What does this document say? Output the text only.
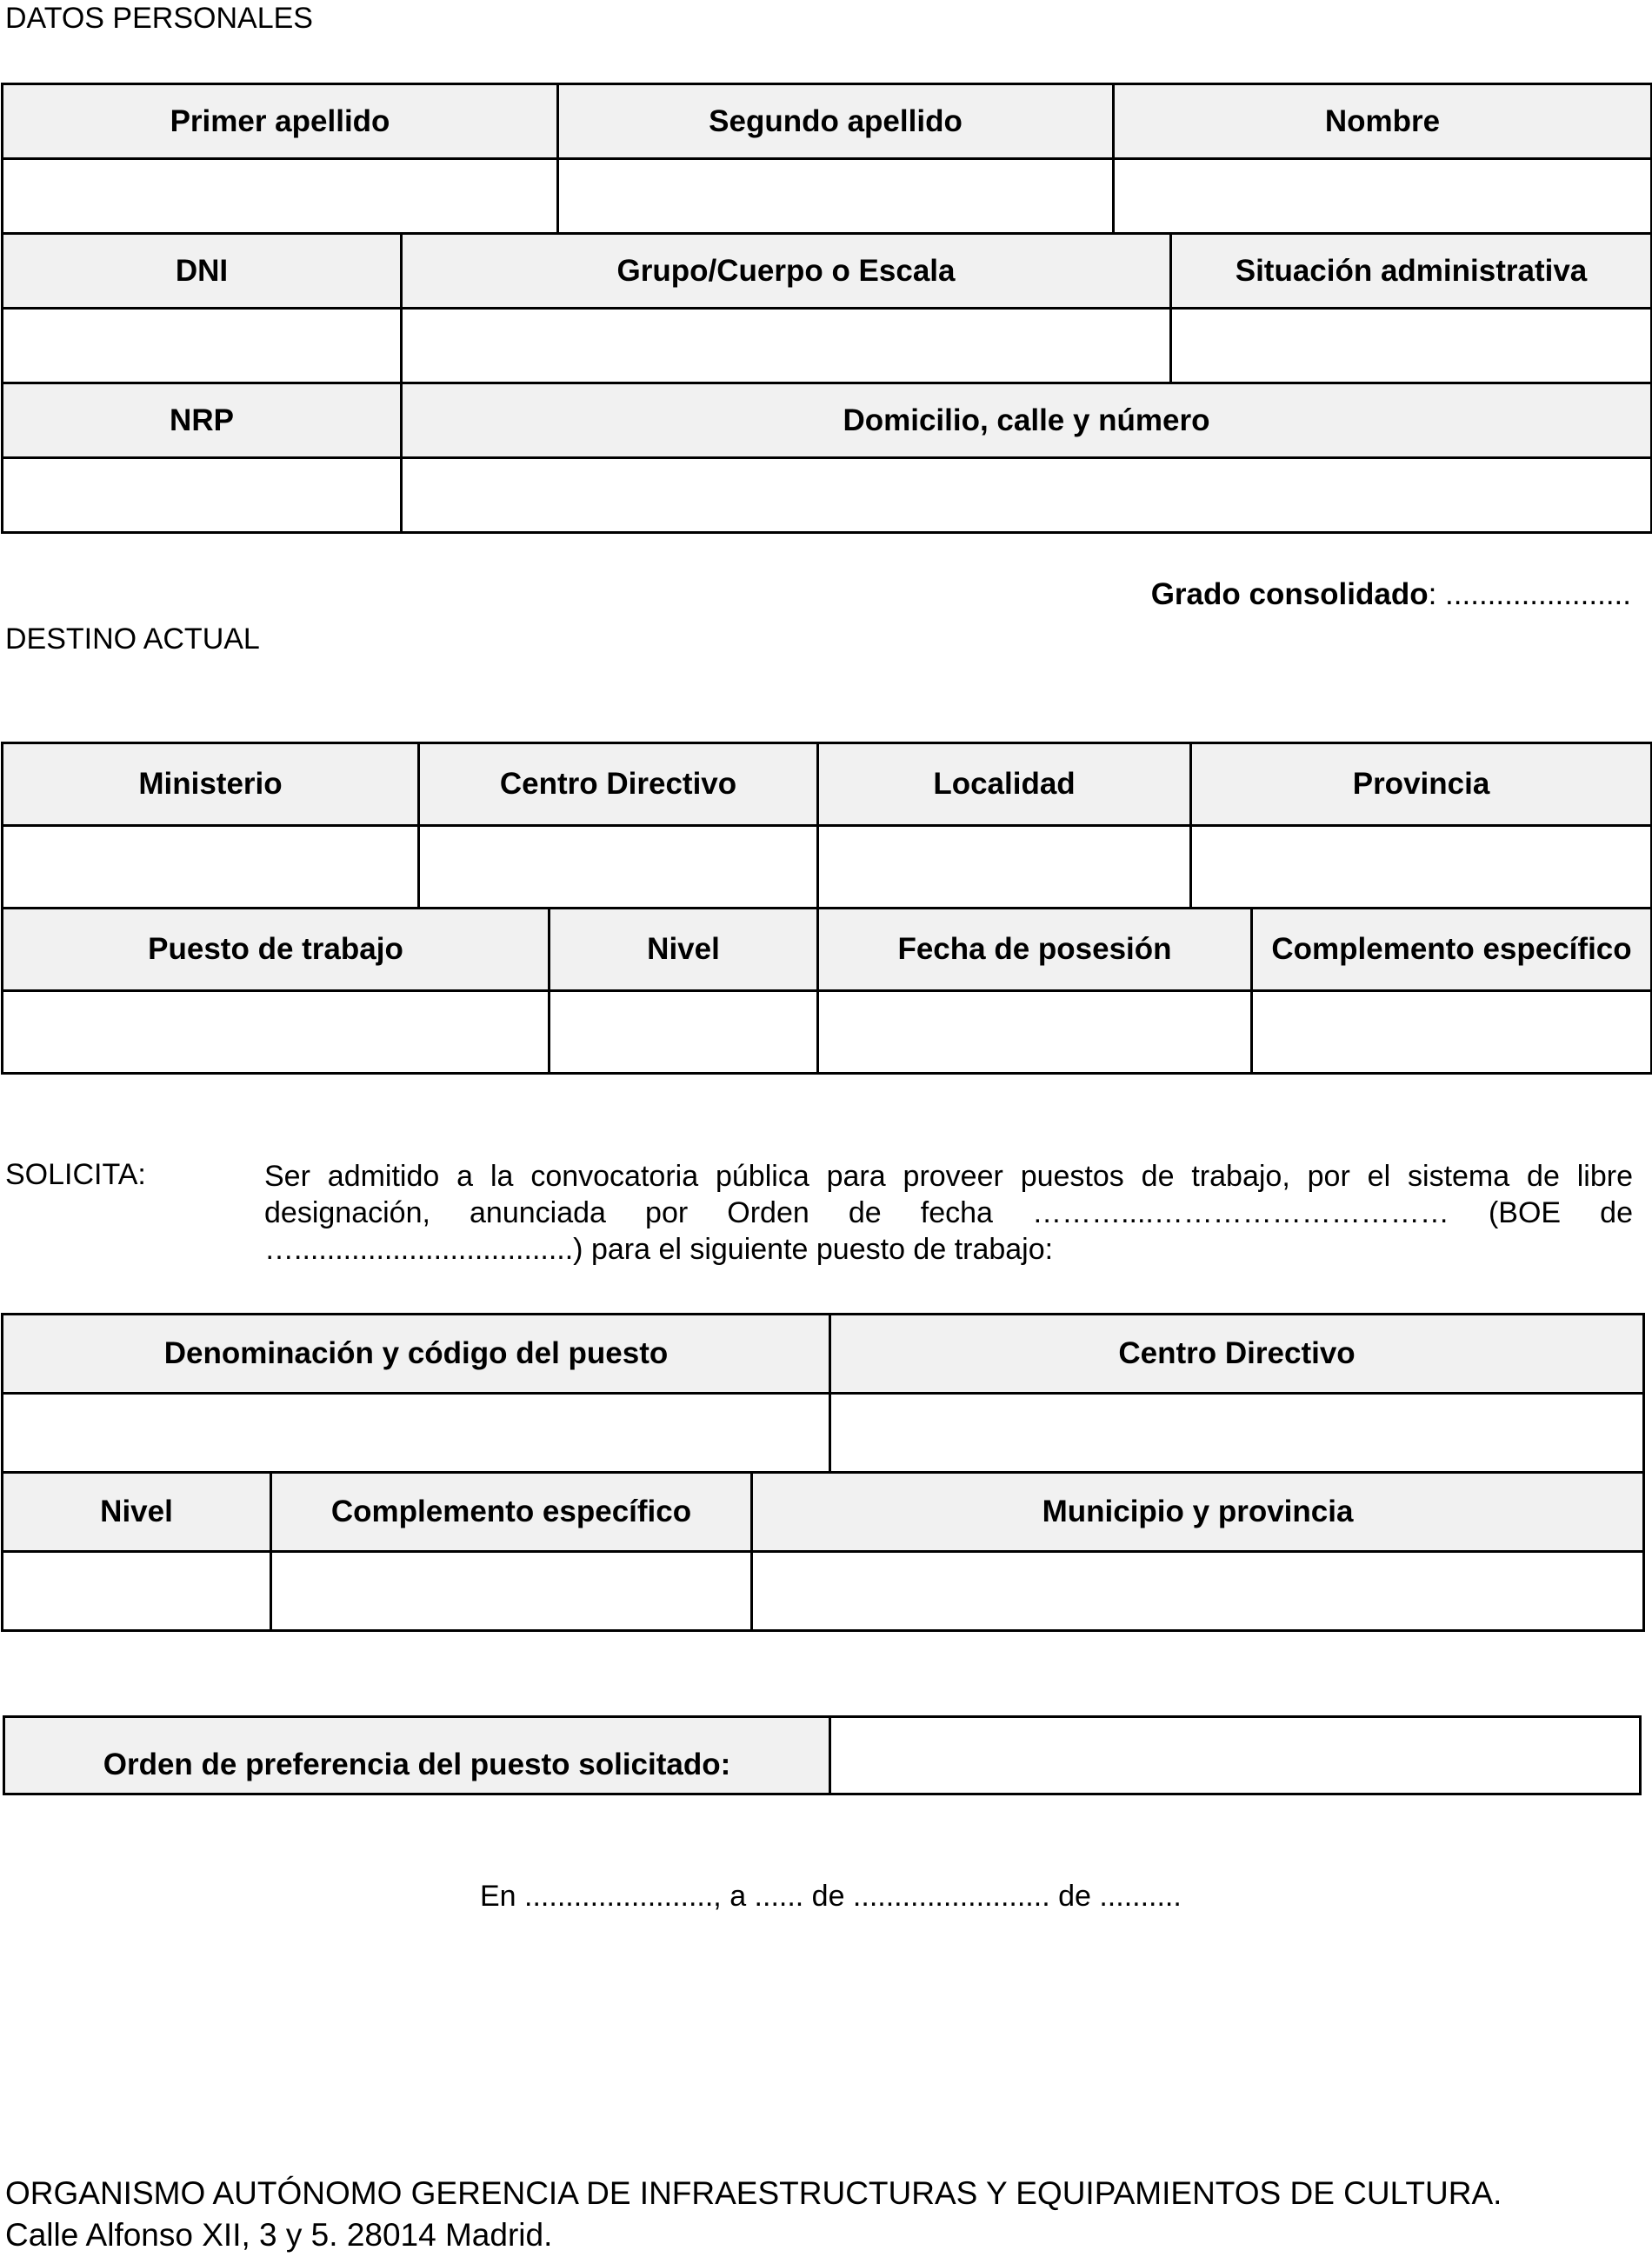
DATOS PERSONALES
Primer apellido		Segundo apellido	Nombre	

DNI	Grupo/Cuerpo o Escala			Situación administrativa

NRP	Domicilio, calle y número			

Grado consolidado: ......................
DESTINO ACTUAL
Ministerio	Centro Directivo		Localidad	Provincia	

Puesto de trabajo		Nivel	Fecha de posesión		Complemento específico

SOLICITA:	Ser admitido a la convocatoria pública para proveer puestos de trabajo, por el sistema de libre designación, anunciada por Orden de fecha ………....………………………… (BOE de
…..................................) para el siguiente puesto de trabajo:
Denominación y código del puesto			Centro Directivo

Nivel	Complemento específico	Municipio y provincia	

Orden de preferencia del puesto solicitado:	
En ......................., a ...... de ........................ de ..........
ORGANISMO AUTÓNOMO GERENCIA DE INFRAESTRUCTURAS Y EQUIPAMIENTOS DE CULTURA.
Calle Alfonso XII, 3 y 5. 28014 Madrid.
